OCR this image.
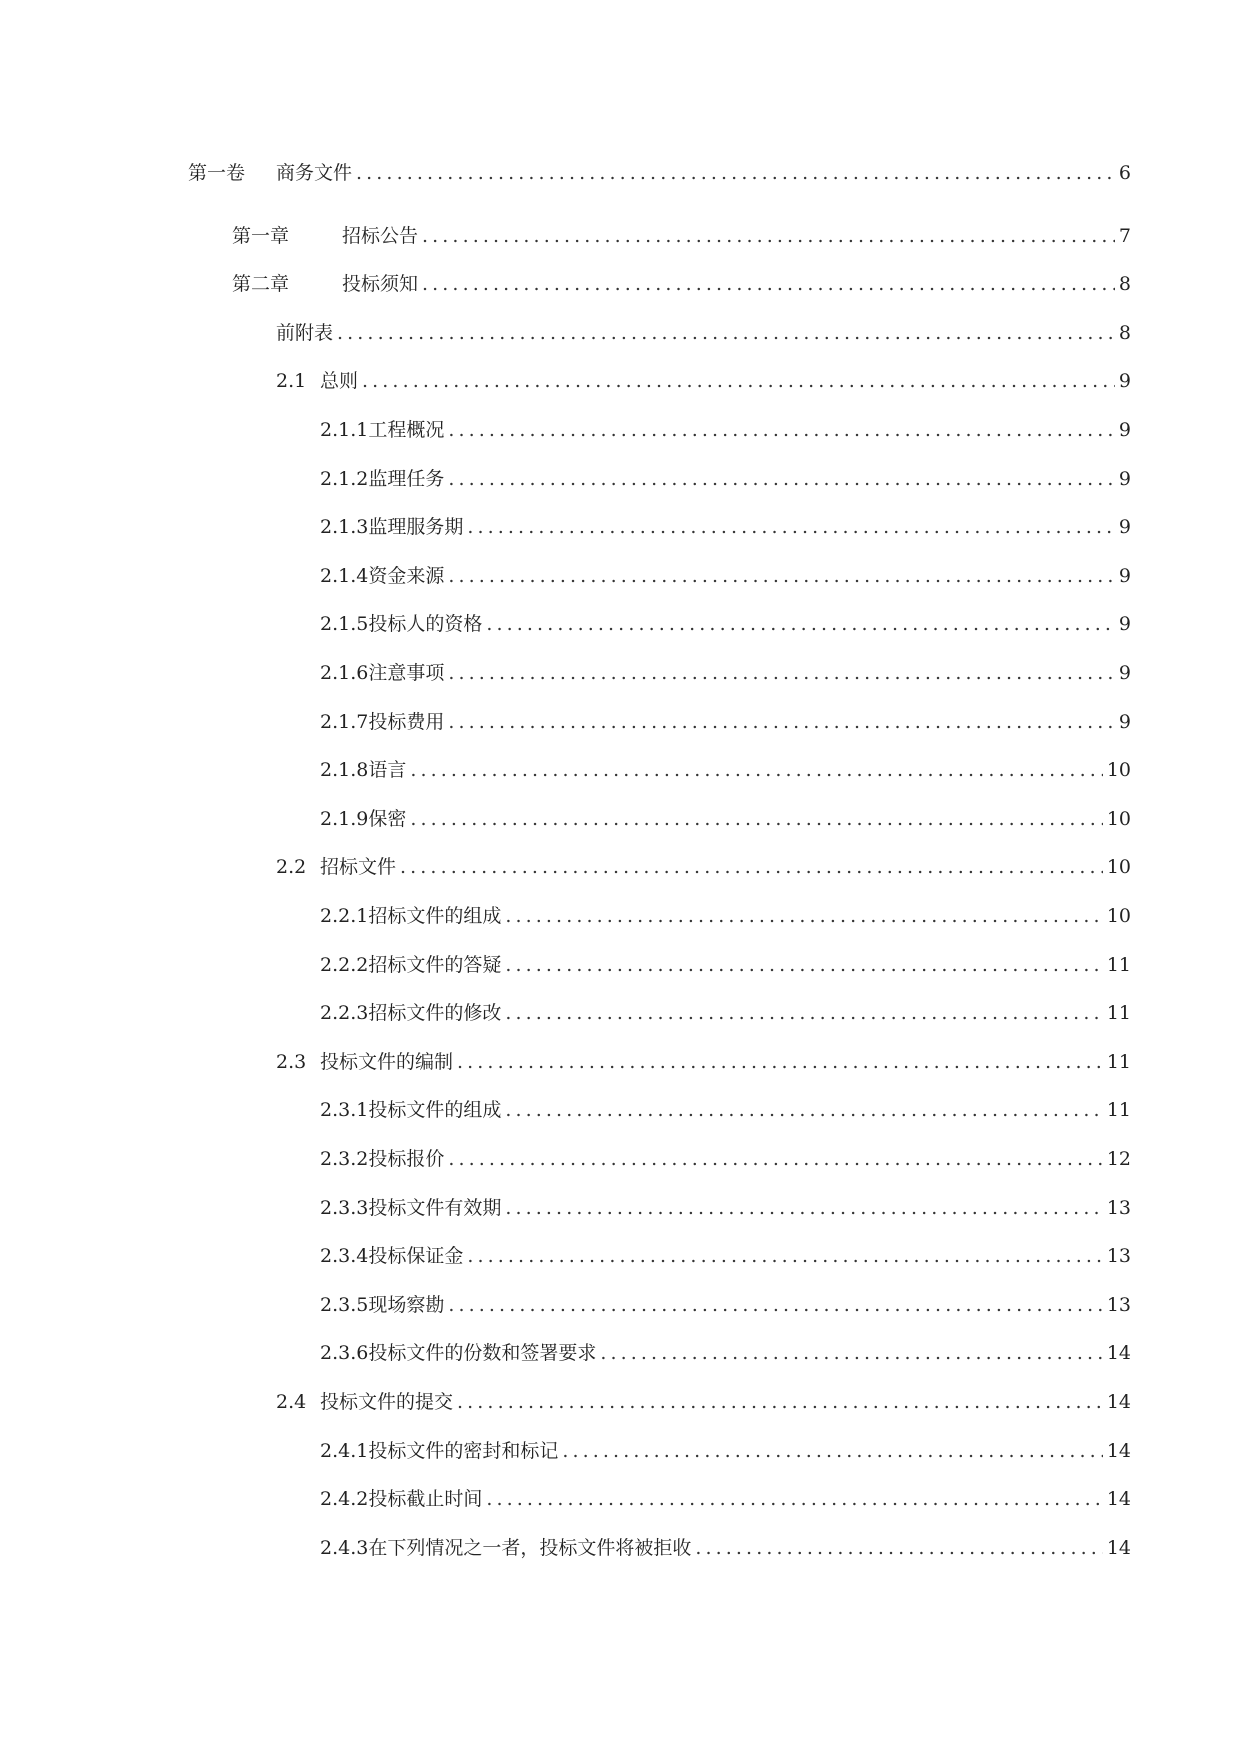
第一卷	商务文件 .....	6
第一章	招标公告 .....	7
第二章	投标须知 .....	8
前附表 .....	8
2.1 总则 .....	9
2.1.1工程概况 .....	9
2.1.2监理任务 .....	9
2.1.3监理服务期 .....	9
2.1.4资金来源 .....	9
2.1.5投标人的资格 .....	9
2.1.6注意事项 .....	9
2.1.7投标费用 .....	9
2.1.8语言 .....	10
2.1.9保密 .....	10
2.2 招标文件 .....	10
2.2.1招标文件的组成 .....	10
2.2.2招标文件的答疑 .....	11
2.2.3招标文件的修改 .....	11
2.3 投标文件的编制 .....	11
2.3.1投标文件的组成 .....	11
2.3.2投标报价 .....	12
2.3.3投标文件有效期 .....	13
2.3.4投标保证金 .....	13
2.3.5现场察勘 .....	13
2.3.6投标文件的份数和签署要求 .....	14
2.4 投标文件的提交 .....	14
2.4.1投标文件的密封和标记 .....	14
2.4.2投标截止时间 .....	14
2.4.3在下列情况之一者，投标文件将被拒收 .....	14
